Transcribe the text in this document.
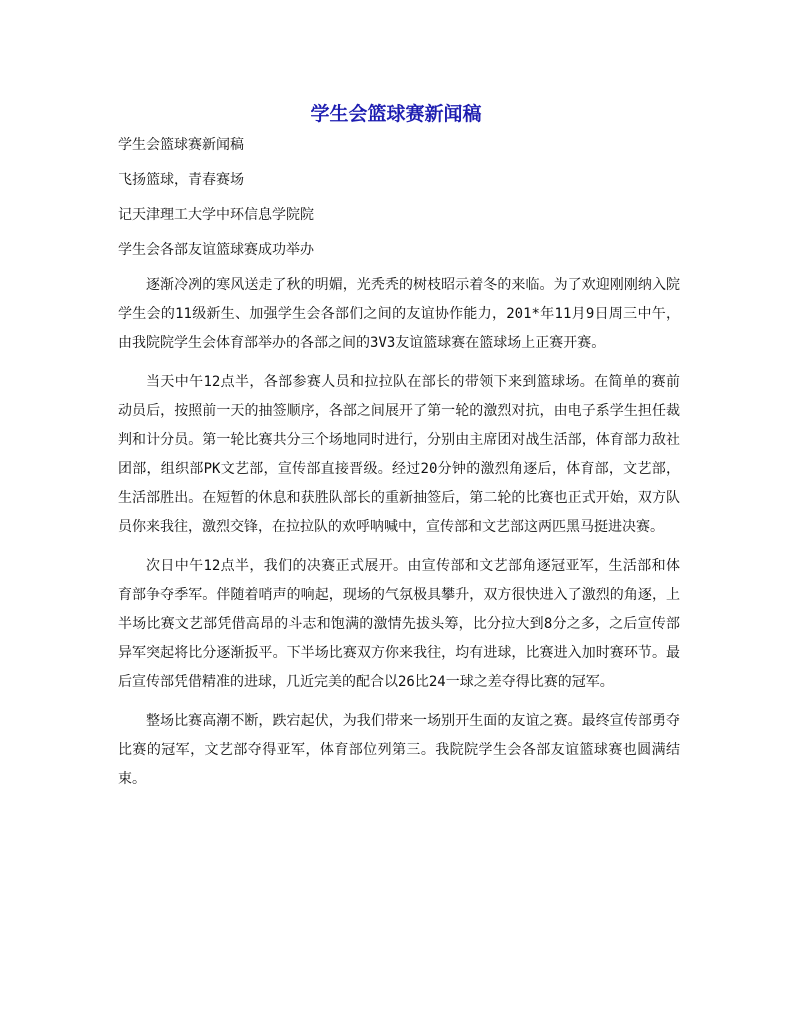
学生会篮球赛新闻稿
学生会篮球赛新闻稿
飞扬篮球，青春赛场
记天津理工大学中环信息学院院
学生会各部友谊篮球赛成功举办

逐渐冷冽的寒风送走了秋的明媚，光秃秃的树枝昭示着冬的来临。为了欢迎刚刚纳入院学生会的11级新生、加强学生会各部们之间的友谊协作能力，201*年11月9日周三中午，由我院院学生会体育部举办的各部之间的3V3友谊篮球赛在篮球场上正赛开赛。

当天中午12点半，各部参赛人员和拉拉队在部长的带领下来到篮球场。在简单的赛前动员后，按照前一天的抽签顺序，各部之间展开了第一轮的激烈对抗，由电子系学生担任裁判和计分员。第一轮比赛共分三个场地同时进行，分别由主席团对战生活部，体育部力敌社团部，组织部PK文艺部，宣传部直接晋级。经过20分钟的激烈角逐后，体育部，文艺部，生活部胜出。在短暂的休息和获胜队部长的重新抽签后，第二轮的比赛也正式开始，双方队员你来我往，激烈交锋，在拉拉队的欢呼呐喊中，宣传部和文艺部这两匹黑马挺进决赛。

次日中午12点半，我们的决赛正式展开。由宣传部和文艺部角逐冠亚军，生活部和体育部争夺季军。伴随着哨声的响起，现场的气氛极具攀升，双方很快进入了激烈的角逐，上半场比赛文艺部凭借高昂的斗志和饱满的激情先拔头筹，比分拉大到8分之多，之后宣传部异军突起将比分逐渐扳平。下半场比赛双方你来我往，均有进球，比赛进入加时赛环节。最后宣传部凭借精准的进球，几近完美的配合以26比24一球之差夺得比赛的冠军。

整场比赛高潮不断，跌宕起伏，为我们带来一场别开生面的友谊之赛。最终宣传部勇夺比赛的冠军，文艺部夺得亚军，体育部位列第三。我院院学生会各部友谊篮球赛也圆满结束。
